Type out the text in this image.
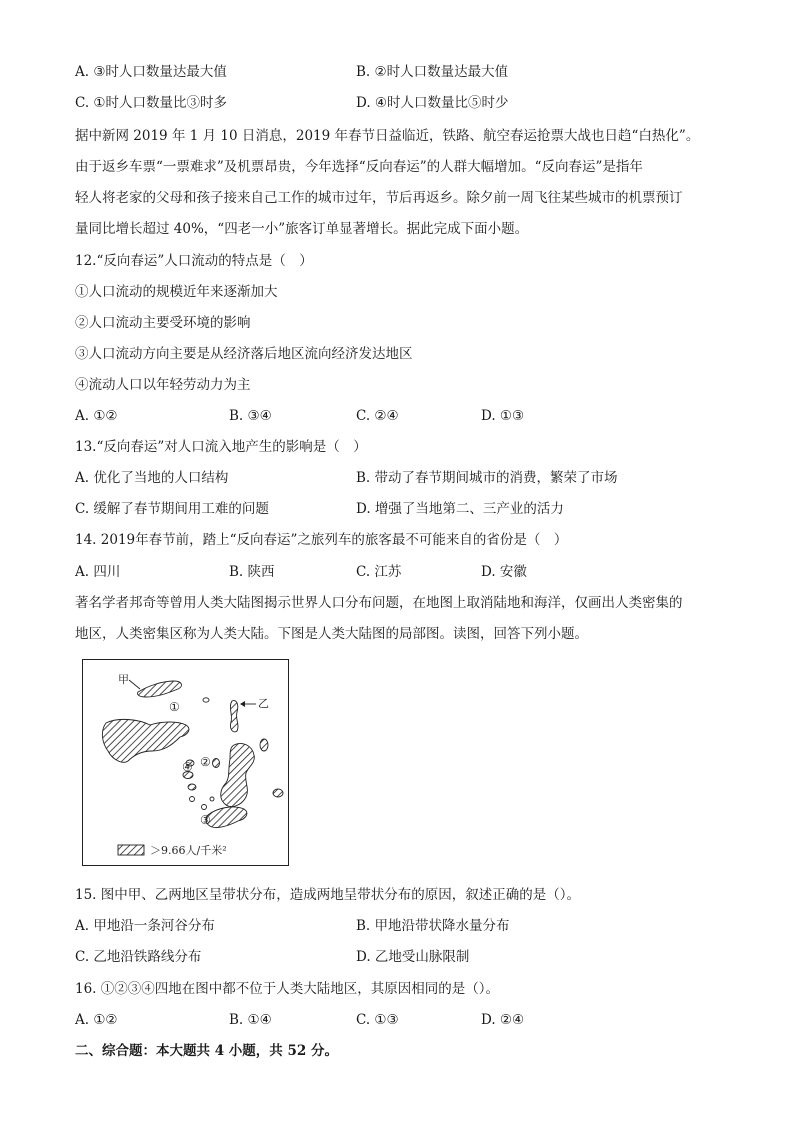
A. ③时人口数量达最大值	B. ②时人口数量达最大值
C. ①时人口数量比③时多	D. ④时人口数量比⑤时少
据中新网 2019 年 1 月 10 日消息，2019 年春节日益临近，铁路、航空春运抢票大战也日趋“白热化”。
由于返乡车票“一票难求”及机票昂贵，今年选择“反向春运”的人群大幅增加。“反向春运”是指年
轻人将老家的父母和孩子接来自己工作的城市过年，节后再返乡。除夕前一周飞往某些城市的机票预订
量同比增长超过 40%，“四老一小”旅客订单显著增长。据此完成下面小题。
12.“反向春运”人口流动的特点是（　）
①人口流动的规模近年来逐渐加大
②人口流动主要受环境的影响
③人口流动方向主要是从经济落后地区流向经济发达地区
④流动人口以年轻劳动力为主
A. ①②	B. ③④	C. ②④	D. ①③
13.“反向春运”对人口流入地产生的影响是（　）
A. 优化了当地的人口结构	B. 带动了春节期间城市的消费，繁荣了市场
C. 缓解了春节期间用工难的问题	D. 增强了当地第二、三产业的活力
14. 2019年春节前，踏上“反向春运”之旅列车的旅客最不可能来自的省份是（　）
A. 四川	B. 陕西	C. 江苏	D. 安徽
著名学者邦奇等曾用人类大陆图揭示世界人口分布问题，在地图上取消陆地和海洋，仅画出人类密集的
地区，人类密集区称为人类大陆。下图是人类大陆图的局部图。读图，回答下列小题。
甲
①	乙
④ ②
③
＞9.66人/千米²
15. 图中甲、乙两地区呈带状分布，造成两地呈带状分布的原因，叙述正确的是（）。
A. 甲地沿一条河谷分布	B. 甲地沿带状降水量分布
C. 乙地沿铁路线分布	D. 乙地受山脉限制
16. ①②③④四地在图中都不位于人类大陆地区，其原因相同的是（）。
A. ①②	B. ①④	C. ①③	D. ②④
二、综合题：本大题共 4 小题，共 52 分。
